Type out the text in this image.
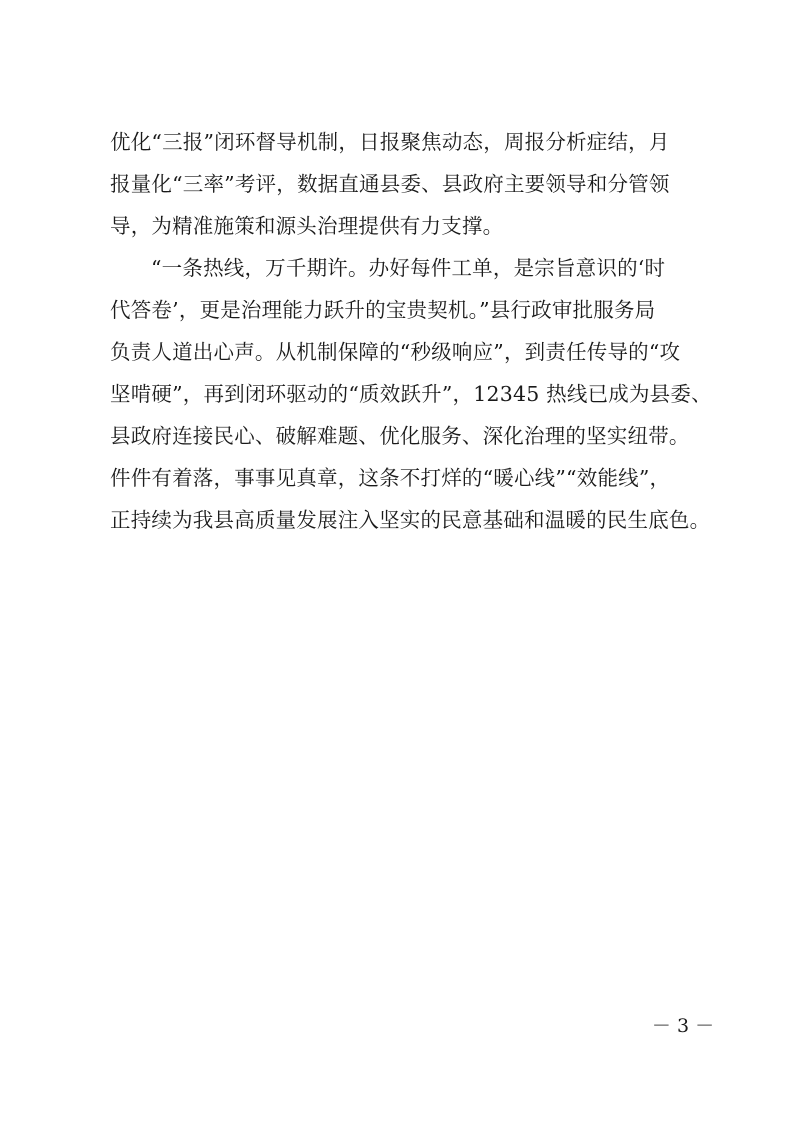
优化“三报”闭环督导机制，日报聚焦动态，周报分析症结，月
报量化“三率”考评，数据直通县委、县政府主要领导和分管领
导，为精准施策和源头治理提供有力支撑。
“一条热线，万千期许。办好每件工单，是宗旨意识的‘时
代答卷’，更是治理能力跃升的宝贵契机。”县行政审批服务局
负责人道出心声。从机制保障的“秒级响应”，到责任传导的“攻
坚啃硬”，再到闭环驱动的“质效跃升”，12345 热线已成为县委、
县政府连接民心、破解难题、优化服务、深化治理的坚实纽带。
件件有着落，事事见真章，这条不打烊的“暖心线”“效能线”，
正持续为我县高质量发展注入坚实的民意基础和温暖的民生底色。
－ 3 －
